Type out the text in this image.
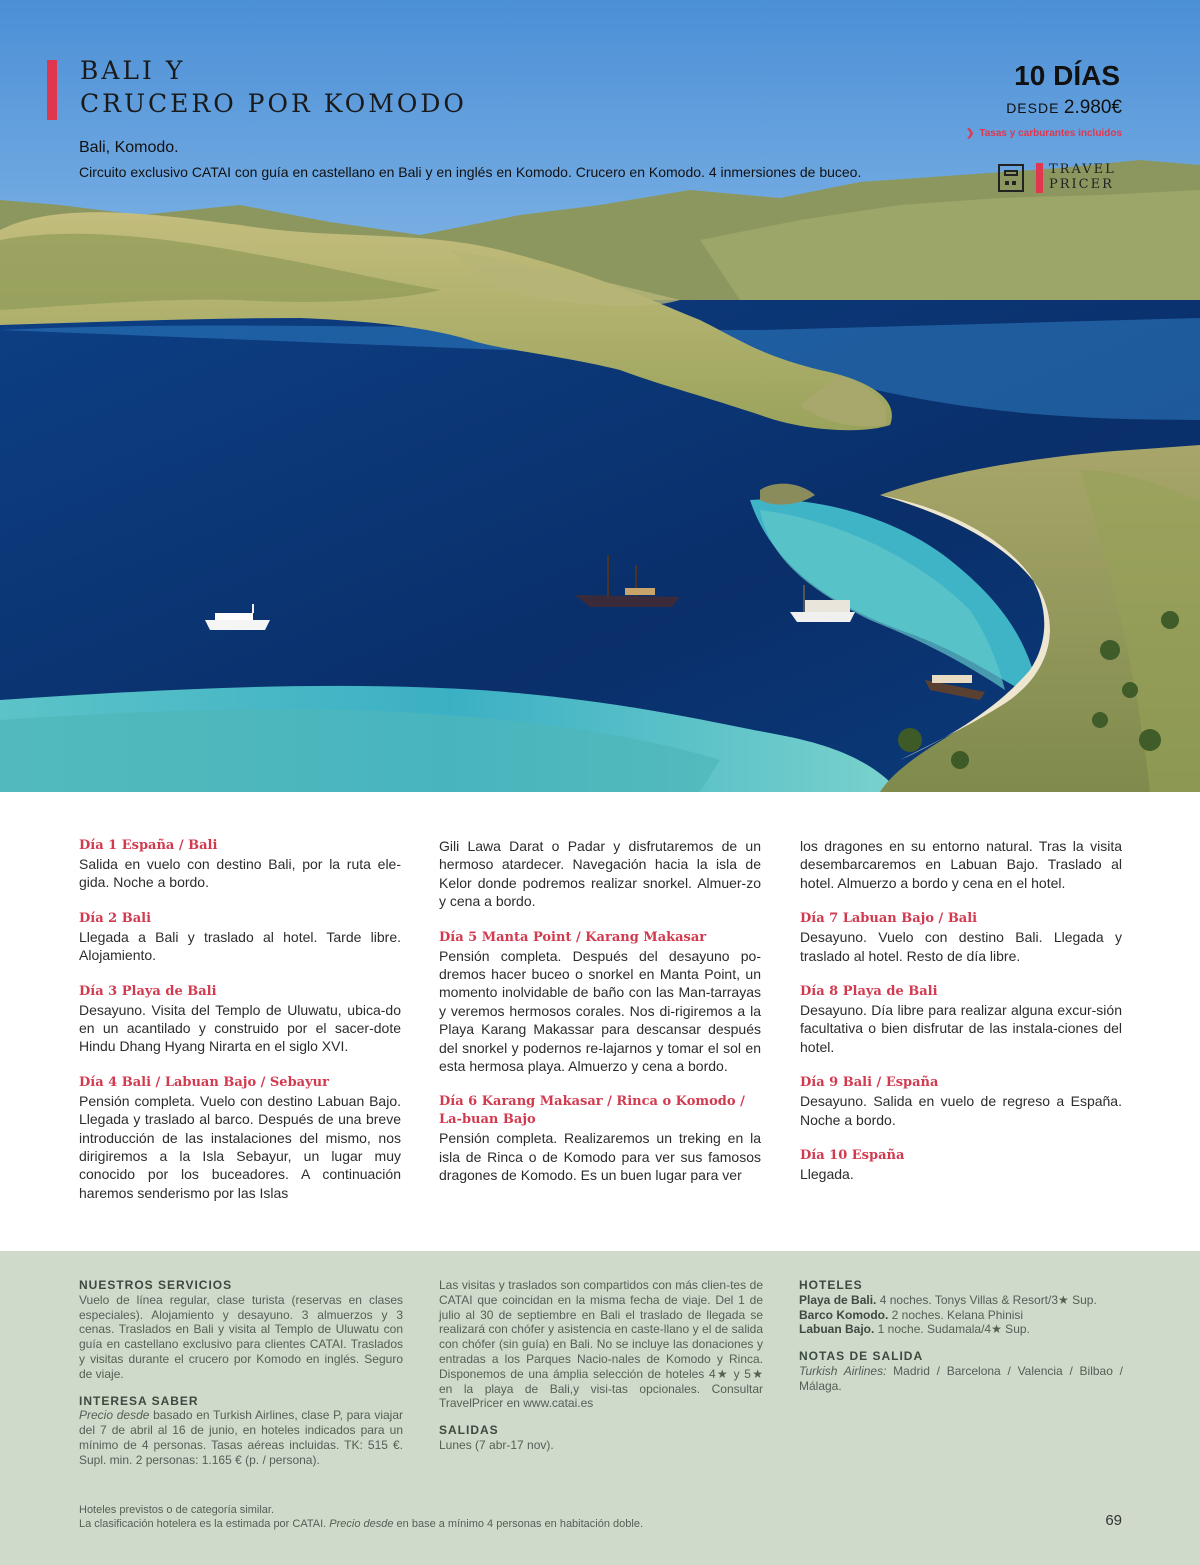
BALI Y
CRUCERO POR KOMODO
Bali, Komodo.
Circuito exclusivo CATAI con guía en castellano en Bali y en inglés en Komodo. Crucero en Komodo. 4 inmersiones de buceo.
10 DÍAS
DESDE 2.980€
❯ Tasas y carburantes incluidos
TRAVEL
PRICER
Día 1 España / Bali

Salida en vuelo con destino Bali, por la ruta ele-gida. Noche a bordo.

Día 2 Bali

Llegada a Bali y traslado al hotel. Tarde libre. Alojamiento.

Día 3 Playa de Bali

Desayuno. Visita del Templo de Uluwatu, ubica-do en un acantilado y construido por el sacer-dote Hindu Dhang Hyang Nirarta en el siglo XVI.

Día 4 Bali / Labuan Bajo / Sebayur

Pensión completa. Vuelo con destino Labuan Bajo. Llegada y traslado al barco. Después de una breve introducción de las instalaciones del mismo, nos dirigiremos a la Isla Sebayur, un lugar muy conocido por los buceadores. A continuación haremos senderismo por las Islas

Gili Lawa Darat o Padar y disfrutaremos de un hermoso atardecer. Navegación hacia la isla de Kelor donde podremos realizar snorkel. Almuer-zo y cena a bordo.

Día 5 Manta Point / Karang Makasar

Pensión completa. Después del desayuno po-dremos hacer buceo o snorkel en Manta Point, un momento inolvidable de baño con las Man-tarrayas y veremos hermosos corales. Nos di-rigiremos a la Playa Karang Makassar para descansar después del snorkel y podernos re-lajarnos y tomar el sol en esta hermosa playa. Almuerzo y cena a bordo.

Día 6 Karang Makasar / Rinca o Komodo / La-buan Bajo

Pensión completa. Realizaremos un treking en la isla de Rinca o de Komodo para ver sus famosos dragones de Komodo. Es un buen lugar para ver

los dragones en su entorno natural. Tras la visita desembarcaremos en Labuan Bajo. Traslado al hotel. Almuerzo a bordo y cena en el hotel.

Día 7 Labuan Bajo / Bali

Desayuno. Vuelo con destino Bali. Llegada y traslado al hotel. Resto de día libre.

Día 8 Playa de Bali

Desayuno. Día libre para realizar alguna excur-sión facultativa o bien disfrutar de las instala-ciones del hotel.

Día 9 Bali / España

Desayuno. Salida en vuelo de regreso a España. Noche a bordo.

Día 10 España

Llegada.

NUESTROS SERVICIOS

Vuelo de línea regular, clase turista (reservas en clases especiales). Alojamiento y desayuno. 3 almuerzos y 3 cenas. Traslados en Bali y visita al Templo de Uluwatu con guía en castellano exclusivo para clientes CATAI. Traslados y visitas durante el crucero por Komodo en inglés. Seguro de viaje.

INTERESA SABER

Precio desde basado en Turkish Airlines, clase P, para viajar del 7 de abril al 16 de junio, en hoteles indicados para un mínimo de 4 personas. Tasas aéreas incluidas. TK: 515 €. Supl. min. 2 personas: 1.165 € (p. / persona).

Las visitas y traslados son compartidos con más clien-tes de CATAI que coincidan en la misma fecha de viaje. Del 1 de julio al 30 de septiembre en Bali el traslado de llegada se realizará con chófer y asistencia en caste-llano y el de salida con chófer (sin guía) en Bali. No se incluye las donaciones y entradas a los Parques Nacio-nales de Komodo y Rinca. Disponemos de una ámplia selección de hoteles 4★ y 5★ en la playa de Bali,y visi-tas opcionales. Consultar TravelPricer en www.catai.es

SALIDAS

Lunes (7 abr-17 nov).

HOTELES

Playa de Bali. 4 noches. Tonys Villas & Resort/3★ Sup.

Barco Komodo. 2 noches. Kelana Phinisi

Labuan Bajo. 1 noche. Sudamala/4★ Sup.

NOTAS DE SALIDA

Turkish Airlines: Madrid / Barcelona / Valencia / Bilbao / Málaga.

69
Hoteles previstos o de categoría similar.
La clasificación hotelera es la estimada por CATAI. Precio desde en base a mínimo 4 personas en habitación doble.
